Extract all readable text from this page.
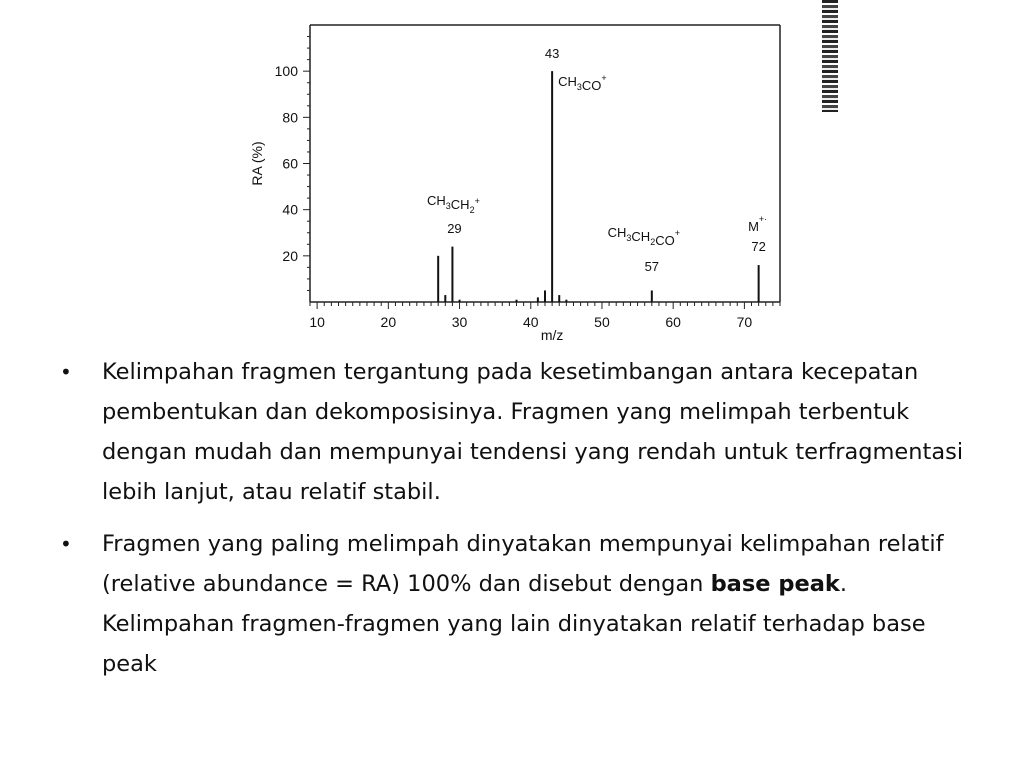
10	20	30	40	50	60	70
20
40
60
80
100
m/z
RA (%)
43
$CH_3CO^+$
29
$CH_3CH_2^+$
57
$CH_3CH_2CO^+$
72
M+·
• Kelimpahan fragmen tergantung pada kesetimbangan antara kecepatan pembentukan dan dekomposisinya. Fragmen yang melimpah terbentuk dengan mudah dan mempunyai tendensi yang rendah untuk terfragmentasi lebih lanjut, atau relatif stabil.
• Fragmen yang paling melimpah dinyatakan mempunyai kelimpahan relatif (relative abundance = RA) 100% dan disebut dengan base peak. Kelimpahan fragmen-fragmen yang lain dinyatakan relatif terhadap base peak
